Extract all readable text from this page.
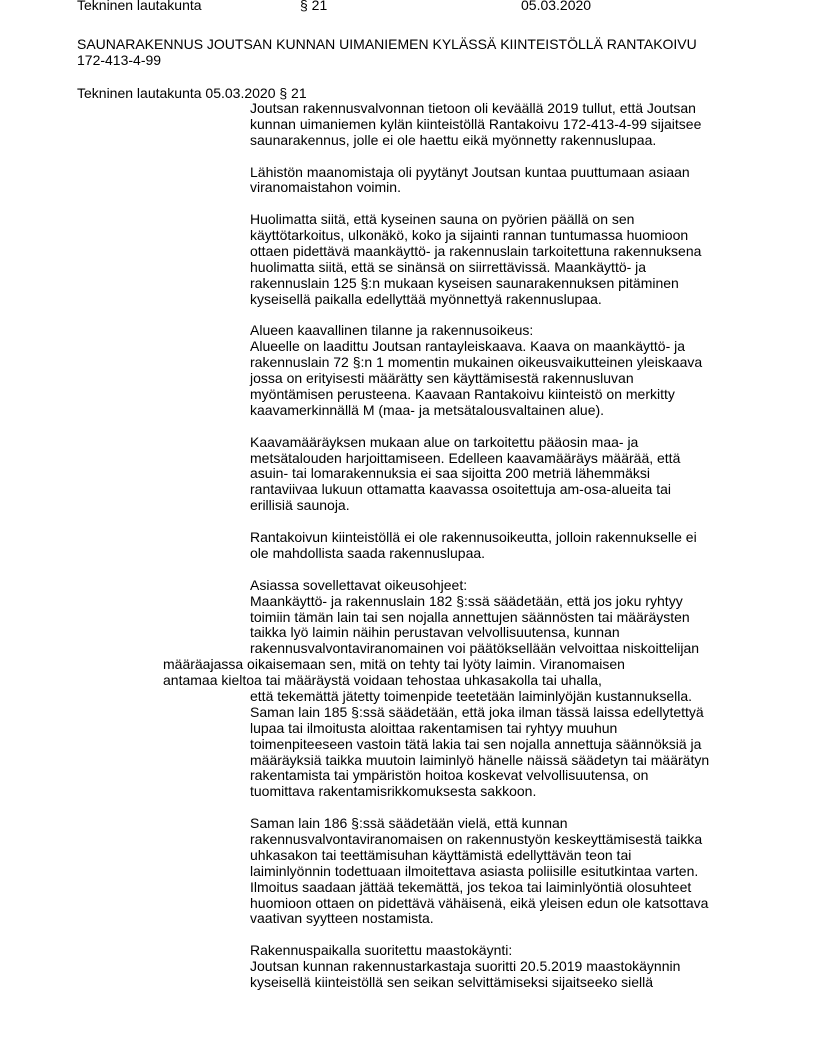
Tekninen lautakunta	§ 21	05.03.2020
SAUNARAKENNUS JOUTSAN KUNNAN UIMANIEMEN KYLÄSSÄ KIINTEISTÖLLÄ RANTAKOIVU
172-413-4-99
Tekninen lautakunta 05.03.2020 § 21
Joutsan rakennusvalvonnan tietoon oli keväällä 2019 tullut, että Joutsan
kunnan uimaniemen kylän kiinteistöllä Rantakoivu 172-413-4-99 sijaitsee
saunarakennus, jolle ei ole haettu eikä myönnetty rakennuslupaa.
Lähistön maanomistaja oli pyytänyt Joutsan kuntaa puuttumaan asiaan
viranomaistahon voimin.
Huolimatta siitä, että kyseinen sauna on pyörien päällä on sen
käyttötarkoitus, ulkonäkö, koko ja sijainti rannan tuntumassa huomioon
ottaen pidettävä maankäyttö- ja rakennuslain tarkoitettuna rakennuksena
huolimatta siitä, että se sinänsä on siirrettävissä. Maankäyttö- ja
rakennuslain 125 §:n mukaan kyseisen saunarakennuksen pitäminen
kyseisellä paikalla edellyttää myönnettyä rakennuslupaa.
Alueen kaavallinen tilanne ja rakennusoikeus:
Alueelle on laadittu Joutsan rantayleiskaava. Kaava on maankäyttö- ja
rakennuslain 72 §:n 1 momentin mukainen oikeusvaikutteinen yleiskaava
jossa on erityisesti määrätty sen käyttämisestä rakennusluvan
myöntämisen perusteena. Kaavaan Rantakoivu kiinteistö on merkitty
kaavamerkinnällä M (maa- ja metsätalousvaltainen alue).
Kaavamääräyksen mukaan alue on tarkoitettu pääosin maa- ja
metsätalouden harjoittamiseen. Edelleen kaavamääräys määrää, että
asuin- tai lomarakennuksia ei saa sijoitta 200 metriä lähemmäksi
rantaviivaa lukuun ottamatta kaavassa osoitettuja am-osa-alueita tai
erillisiä saunoja.
Rantakoivun kiinteistöllä ei ole rakennusoikeutta, jolloin rakennukselle ei
ole mahdollista saada rakennuslupaa.
Asiassa sovellettavat oikeusohjeet:
Maankäyttö- ja rakennuslain 182 §:ssä säädetään, että jos joku ryhtyy
toimiin tämän lain tai sen nojalla annettujen säännösten tai määräysten
taikka lyö laimin näihin perustavan velvollisuutensa, kunnan
rakennusvalvontaviranomainen voi päätöksellään velvoittaa niskoittelijan
määräajassa oikaisemaan sen, mitä on tehty tai lyöty laimin. Viranomaisen
antamaa kieltoa tai määräystä voidaan tehostaa uhkasakolla tai uhalla,
että tekemättä jätetty toimenpide teetetään laiminlyöjän kustannuksella.
Saman lain 185 §:ssä säädetään, että joka ilman tässä laissa edellytettyä
lupaa tai ilmoitusta aloittaa rakentamisen tai ryhtyy muuhun
toimenpiteeseen vastoin tätä lakia tai sen nojalla annettuja säännöksiä ja
määräyksiä taikka muutoin laiminlyö hänelle näissä säädetyn tai määrätyn
rakentamista tai ympäristön hoitoa koskevat velvollisuutensa, on
tuomittava rakentamisrikkomuksesta sakkoon.
Saman lain 186 §:ssä säädetään vielä, että kunnan
rakennusvalvontaviranomaisen on rakennustyön keskeyttämisestä taikka
uhkasakon tai teettämisuhan käyttämistä edellyttävän teon tai
laiminlyönnin todettuaan ilmoitettava asiasta poliisille esitutkintaa varten.
Ilmoitus saadaan jättää tekemättä, jos tekoa tai laiminlyöntiä olosuhteet
huomioon ottaen on pidettävä vähäisenä, eikä yleisen edun ole katsottava
vaativan syytteen nostamista.
Rakennuspaikalla suoritettu maastokäynti:
Joutsan kunnan rakennustarkastaja suoritti 20.5.2019 maastokäynnin
kyseisellä kiinteistöllä sen seikan selvittämiseksi sijaitseeko siellä
